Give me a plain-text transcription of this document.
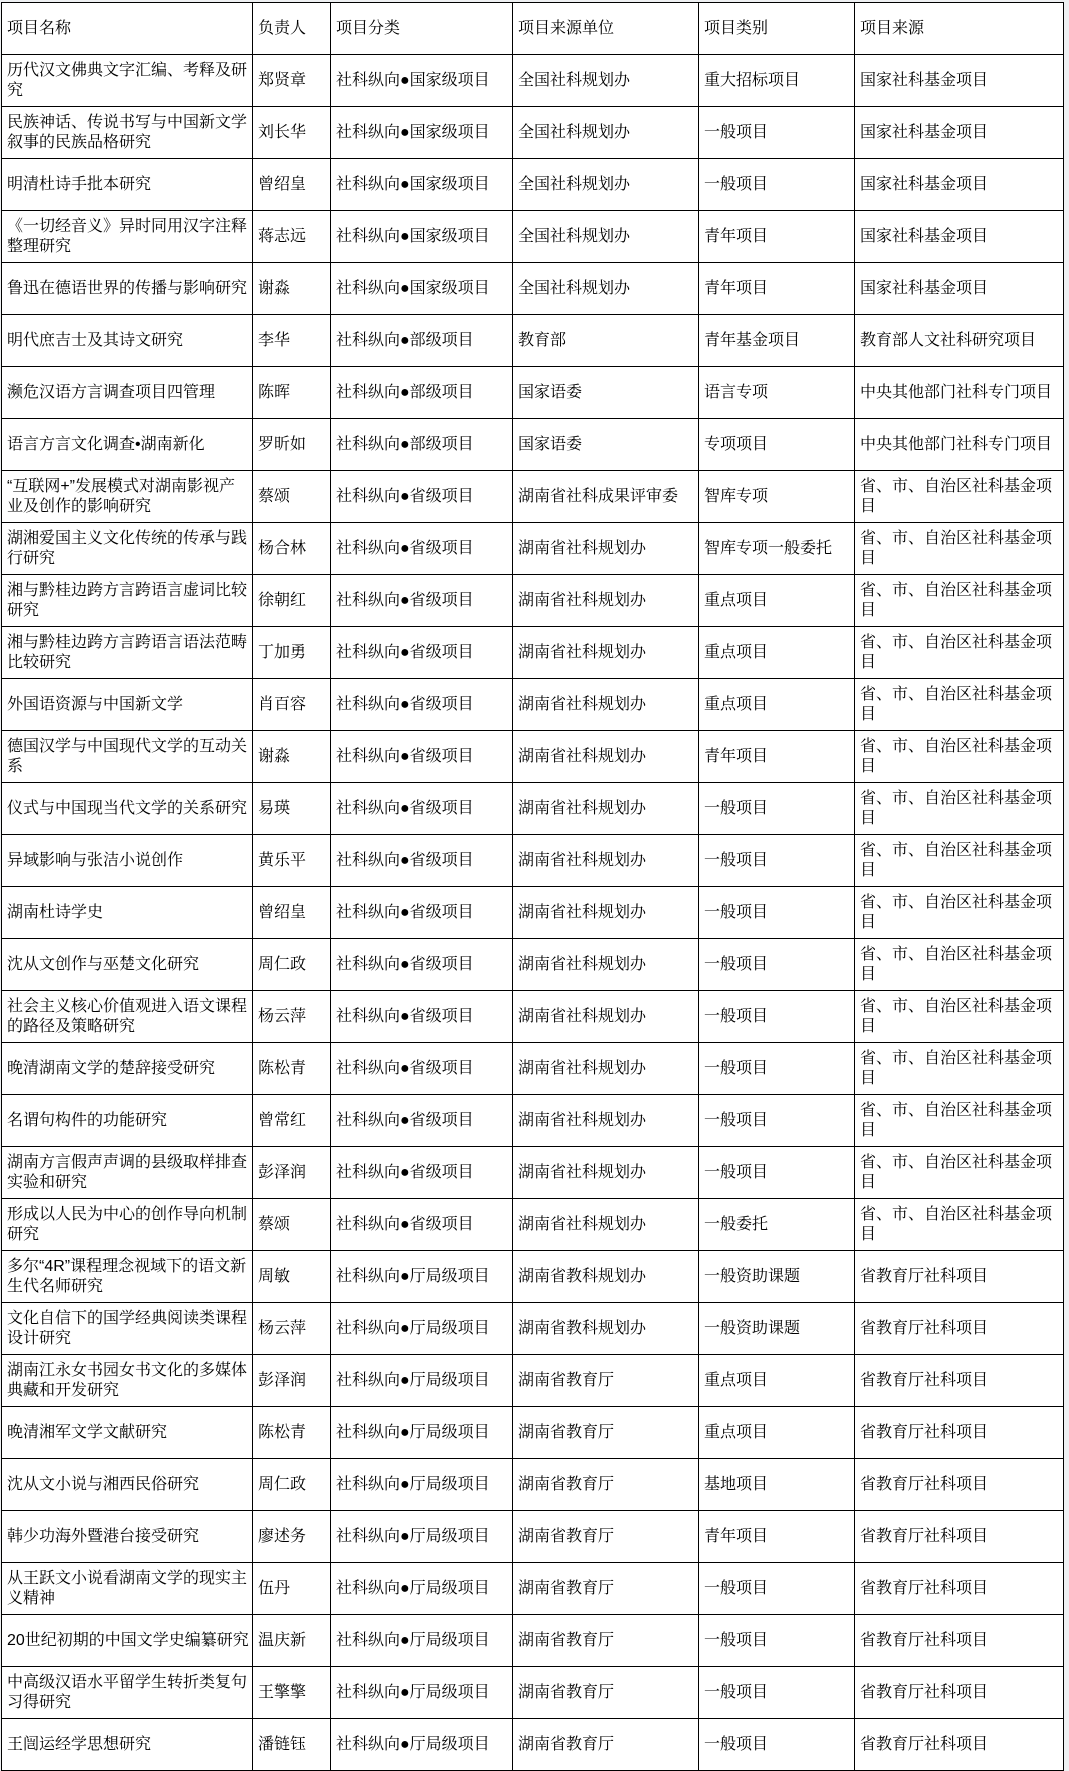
项目名称	负责人	项目分类	项目来源单位	项目类别	项目来源
历代汉文佛典文字汇编、考释及研究	郑贤章	社科纵向●国家级项目	全国社科规划办	重大招标项目	国家社科基金项目
民族神话、传说书写与中国新文学叙事的民族品格研究	刘长华	社科纵向●国家级项目	全国社科规划办	一般项目	国家社科基金项目
明清杜诗手批本研究	曾绍皇	社科纵向●国家级项目	全国社科规划办	一般项目	国家社科基金项目
《一切经音义》异时同用汉字注释整理研究	蒋志远	社科纵向●国家级项目	全国社科规划办	青年项目	国家社科基金项目
鲁迅在德语世界的传播与影响研究	谢淼	社科纵向●国家级项目	全国社科规划办	青年项目	国家社科基金项目
明代庶吉士及其诗文研究	李华	社科纵向●部级项目	教育部	青年基金项目	教育部人文社科研究项目
濒危汉语方言调查项目四管理	陈晖	社科纵向●部级项目	国家语委	语言专项	中央其他部门社科专门项目
语言方言文化调查•湖南新化	罗昕如	社科纵向●部级项目	国家语委	专项项目	中央其他部门社科专门项目
“互联网+”发展模式对湖南影视产业及创作的影响研究	蔡颂	社科纵向●省级项目	湖南省社科成果评审委	智库专项	省、市、自治区社科基金项目
湖湘爱国主义文化传统的传承与践行研究	杨合林	社科纵向●省级项目	湖南省社科规划办	智库专项一般委托	省、市、自治区社科基金项目
湘与黔桂边跨方言跨语言虚词比较研究	徐朝红	社科纵向●省级项目	湖南省社科规划办	重点项目	省、市、自治区社科基金项目
湘与黔桂边跨方言跨语言语法范畴比较研究	丁加勇	社科纵向●省级项目	湖南省社科规划办	重点项目	省、市、自治区社科基金项目
外国语资源与中国新文学	肖百容	社科纵向●省级项目	湖南省社科规划办	重点项目	省、市、自治区社科基金项目
德国汉学与中国现代文学的互动关系	谢淼	社科纵向●省级项目	湖南省社科规划办	青年项目	省、市、自治区社科基金项目
仪式与中国现当代文学的关系研究	易瑛	社科纵向●省级项目	湖南省社科规划办	一般项目	省、市、自治区社科基金项目
异域影响与张洁小说创作	黄乐平	社科纵向●省级项目	湖南省社科规划办	一般项目	省、市、自治区社科基金项目
湖南杜诗学史	曾绍皇	社科纵向●省级项目	湖南省社科规划办	一般项目	省、市、自治区社科基金项目
沈从文创作与巫楚文化研究	周仁政	社科纵向●省级项目	湖南省社科规划办	一般项目	省、市、自治区社科基金项目
社会主义核心价值观进入语文课程的路径及策略研究	杨云萍	社科纵向●省级项目	湖南省社科规划办	一般项目	省、市、自治区社科基金项目
晚清湖南文学的楚辞接受研究	陈松青	社科纵向●省级项目	湖南省社科规划办	一般项目	省、市、自治区社科基金项目
名谓句构件的功能研究	曾常红	社科纵向●省级项目	湖南省社科规划办	一般项目	省、市、自治区社科基金项目
湖南方言假声声调的县级取样排查实验和研究	彭泽润	社科纵向●省级项目	湖南省社科规划办	一般项目	省、市、自治区社科基金项目
形成以人民为中心的创作导向机制研究	蔡颂	社科纵向●省级项目	湖南省社科规划办	一般委托	省、市、自治区社科基金项目
多尔“4R”课程理念视域下的语文新生代名师研究	周敏	社科纵向●厅局级项目	湖南省教科规划办	一般资助课题	省教育厅社科项目
文化自信下的国学经典阅读类课程设计研究	杨云萍	社科纵向●厅局级项目	湖南省教科规划办	一般资助课题	省教育厅社科项目
湖南江永女书园女书文化的多媒体典藏和开发研究	彭泽润	社科纵向●厅局级项目	湖南省教育厅	重点项目	省教育厅社科项目
晚清湘军文学文献研究	陈松青	社科纵向●厅局级项目	湖南省教育厅	重点项目	省教育厅社科项目
沈从文小说与湘西民俗研究	周仁政	社科纵向●厅局级项目	湖南省教育厅	基地项目	省教育厅社科项目
韩少功海外暨港台接受研究	廖述务	社科纵向●厅局级项目	湖南省教育厅	青年项目	省教育厅社科项目
从王跃文小说看湖南文学的现实主义精神	伍丹	社科纵向●厅局级项目	湖南省教育厅	一般项目	省教育厅社科项目
20世纪初期的中国文学史编纂研究	温庆新	社科纵向●厅局级项目	湖南省教育厅	一般项目	省教育厅社科项目
中高级汉语水平留学生转折类复句习得研究	王擎擎	社科纵向●厅局级项目	湖南省教育厅	一般项目	省教育厅社科项目
王闿运经学思想研究	潘链钰	社科纵向●厅局级项目	湖南省教育厅	一般项目	省教育厅社科项目
